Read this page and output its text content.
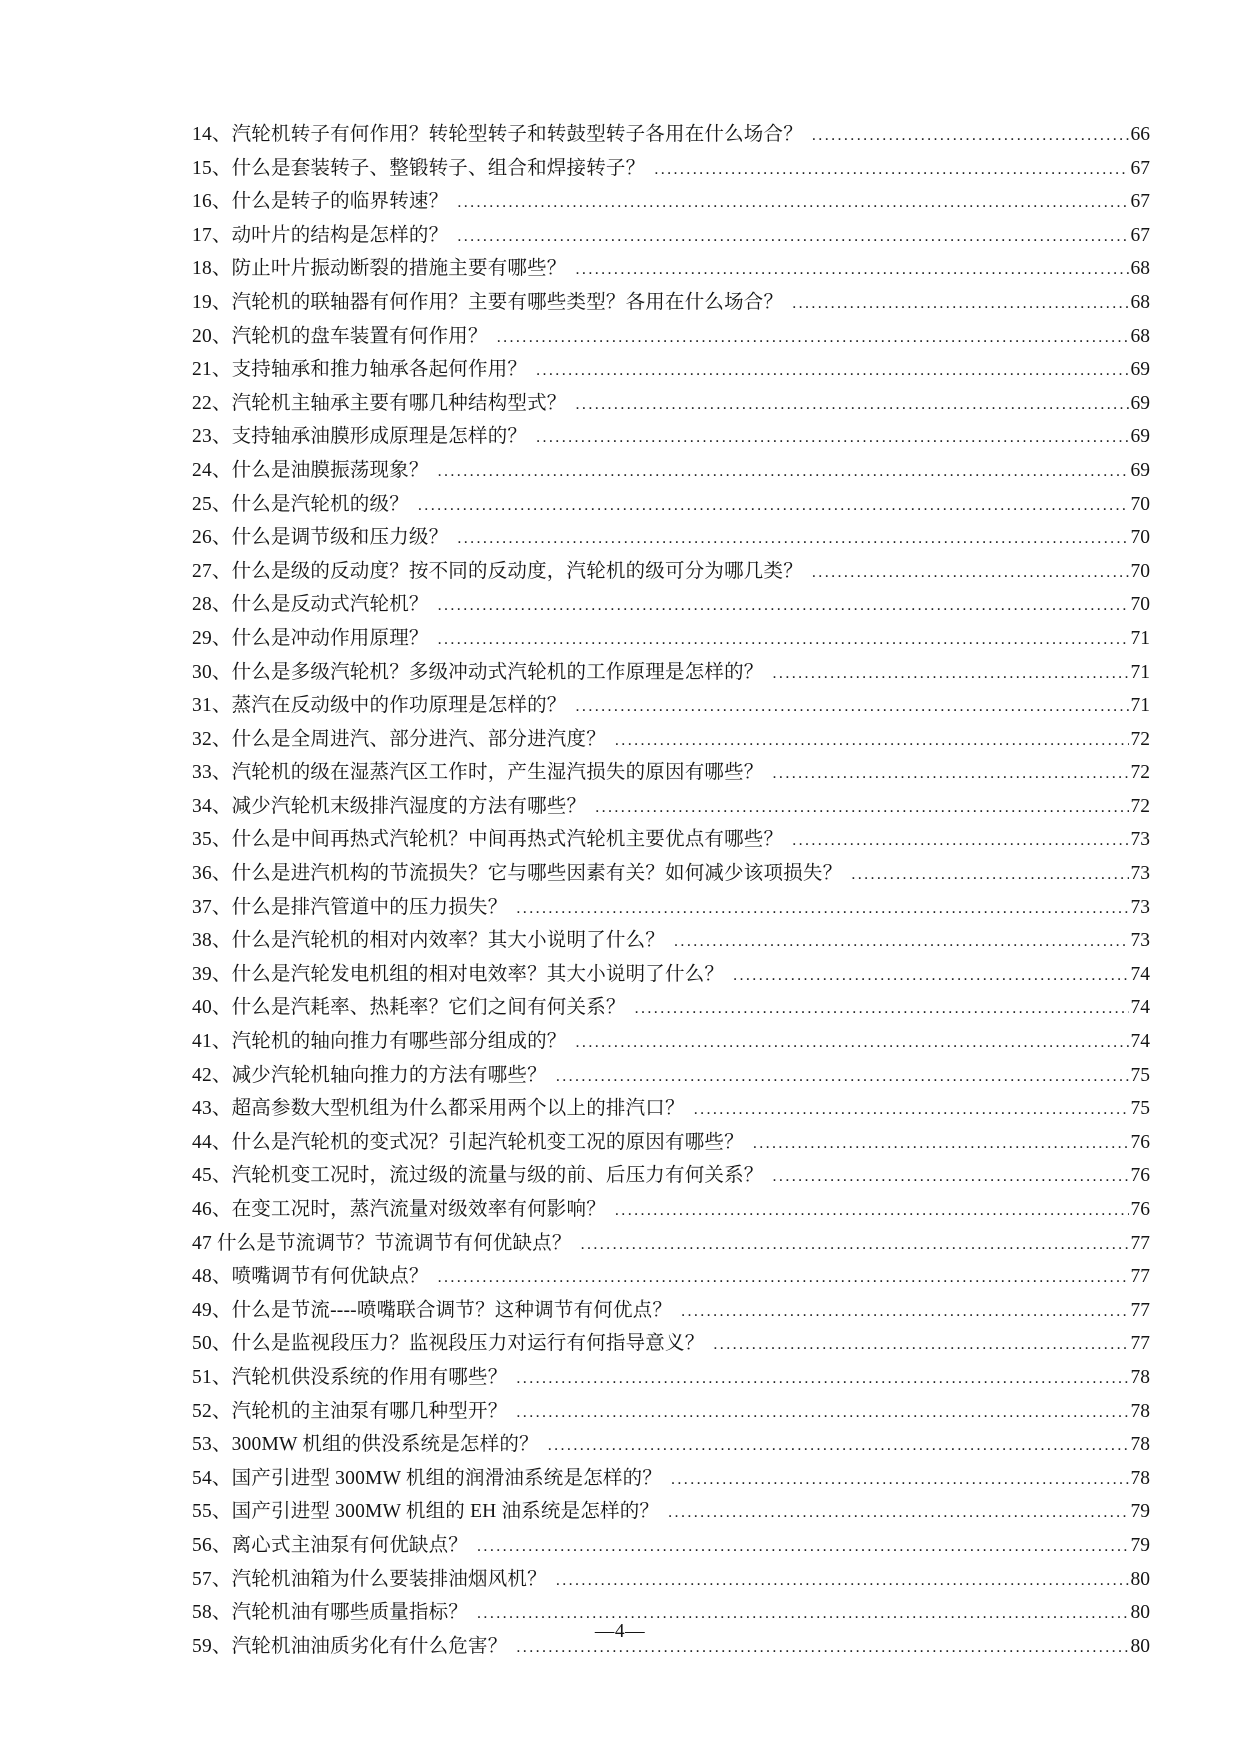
14、汽轮机转子有何作用？转轮型转子和转鼓型转子各用在什么场合？ .....	66
15、什么是套装转子、整锻转子、组合和焊接转子？ .....	67
16、什么是转子的临界转速？ .....	67
17、动叶片的结构是怎样的？ .....	67
18、防止叶片振动断裂的措施主要有哪些？ .....	68
19、汽轮机的联轴器有何作用？主要有哪些类型？各用在什么场合？ .....	68
20、汽轮机的盘车装置有何作用？ .....	68
21、支持轴承和推力轴承各起何作用？ .....	69
22、汽轮机主轴承主要有哪几种结构型式？ .....	69
23、支持轴承油膜形成原理是怎样的？ .....	69
24、什么是油膜振荡现象？ .....	69
25、什么是汽轮机的级？ .....	70
26、什么是调节级和压力级？ .....	70
27、什么是级的反动度？按不同的反动度，汽轮机的级可分为哪几类？ .....	70
28、什么是反动式汽轮机？ .....	70
29、什么是冲动作用原理？ .....	71
30、什么是多级汽轮机？多级冲动式汽轮机的工作原理是怎样的？ .....	71
31、蒸汽在反动级中的作功原理是怎样的？ .....	71
32、什么是全周进汽、部分进汽、部分进汽度？ .....	72
33、汽轮机的级在湿蒸汽区工作时，产生湿汽损失的原因有哪些？ .....	72
34、减少汽轮机末级排汽湿度的方法有哪些？ .....	72
35、什么是中间再热式汽轮机？中间再热式汽轮机主要优点有哪些？ .....	73
36、什么是进汽机构的节流损失？它与哪些因素有关？如何减少该项损失？ .....	73
37、什么是排汽管道中的压力损失？ .....	73
38、什么是汽轮机的相对内效率？其大小说明了什么？ .....	73
39、什么是汽轮发电机组的相对电效率？其大小说明了什么？ .....	74
40、什么是汽耗率、热耗率？它们之间有何关系？ .....	74
41、汽轮机的轴向推力有哪些部分组成的？ .....	74
42、减少汽轮机轴向推力的方法有哪些？ .....	75
43、超高参数大型机组为什么都采用两个以上的排汽口？ .....	75
44、什么是汽轮机的变式况？引起汽轮机变工况的原因有哪些？ .....	76
45、汽轮机变工况时，流过级的流量与级的前、后压力有何关系？ .....	76
46、在变工况时，蒸汽流量对级效率有何影响？ .....	76
47 什么是节流调节？节流调节有何优缺点？ .....	77
48、喷嘴调节有何优缺点？ .....	77
49、什么是节流----喷嘴联合调节？这种调节有何优点？ .....	77
50、什么是监视段压力？监视段压力对运行有何指导意义？ .....	77
51、汽轮机供没系统的作用有哪些？ .....	78
52、汽轮机的主油泵有哪几种型开？ .....	78
53、300MW 机组的供没系统是怎样的？ .....	78
54、国产引进型 300MW 机组的润滑油系统是怎样的？ .....	78
55、国产引进型 300MW 机组的 EH 油系统是怎样的？ .....	79
56、离心式主油泵有何优缺点？ .....	79
57、汽轮机油箱为什么要装排油烟风机？ .....	80
58、汽轮机油有哪些质量指标？ .....	80
59、汽轮机油油质劣化有什么危害？ .....	80
—4—
